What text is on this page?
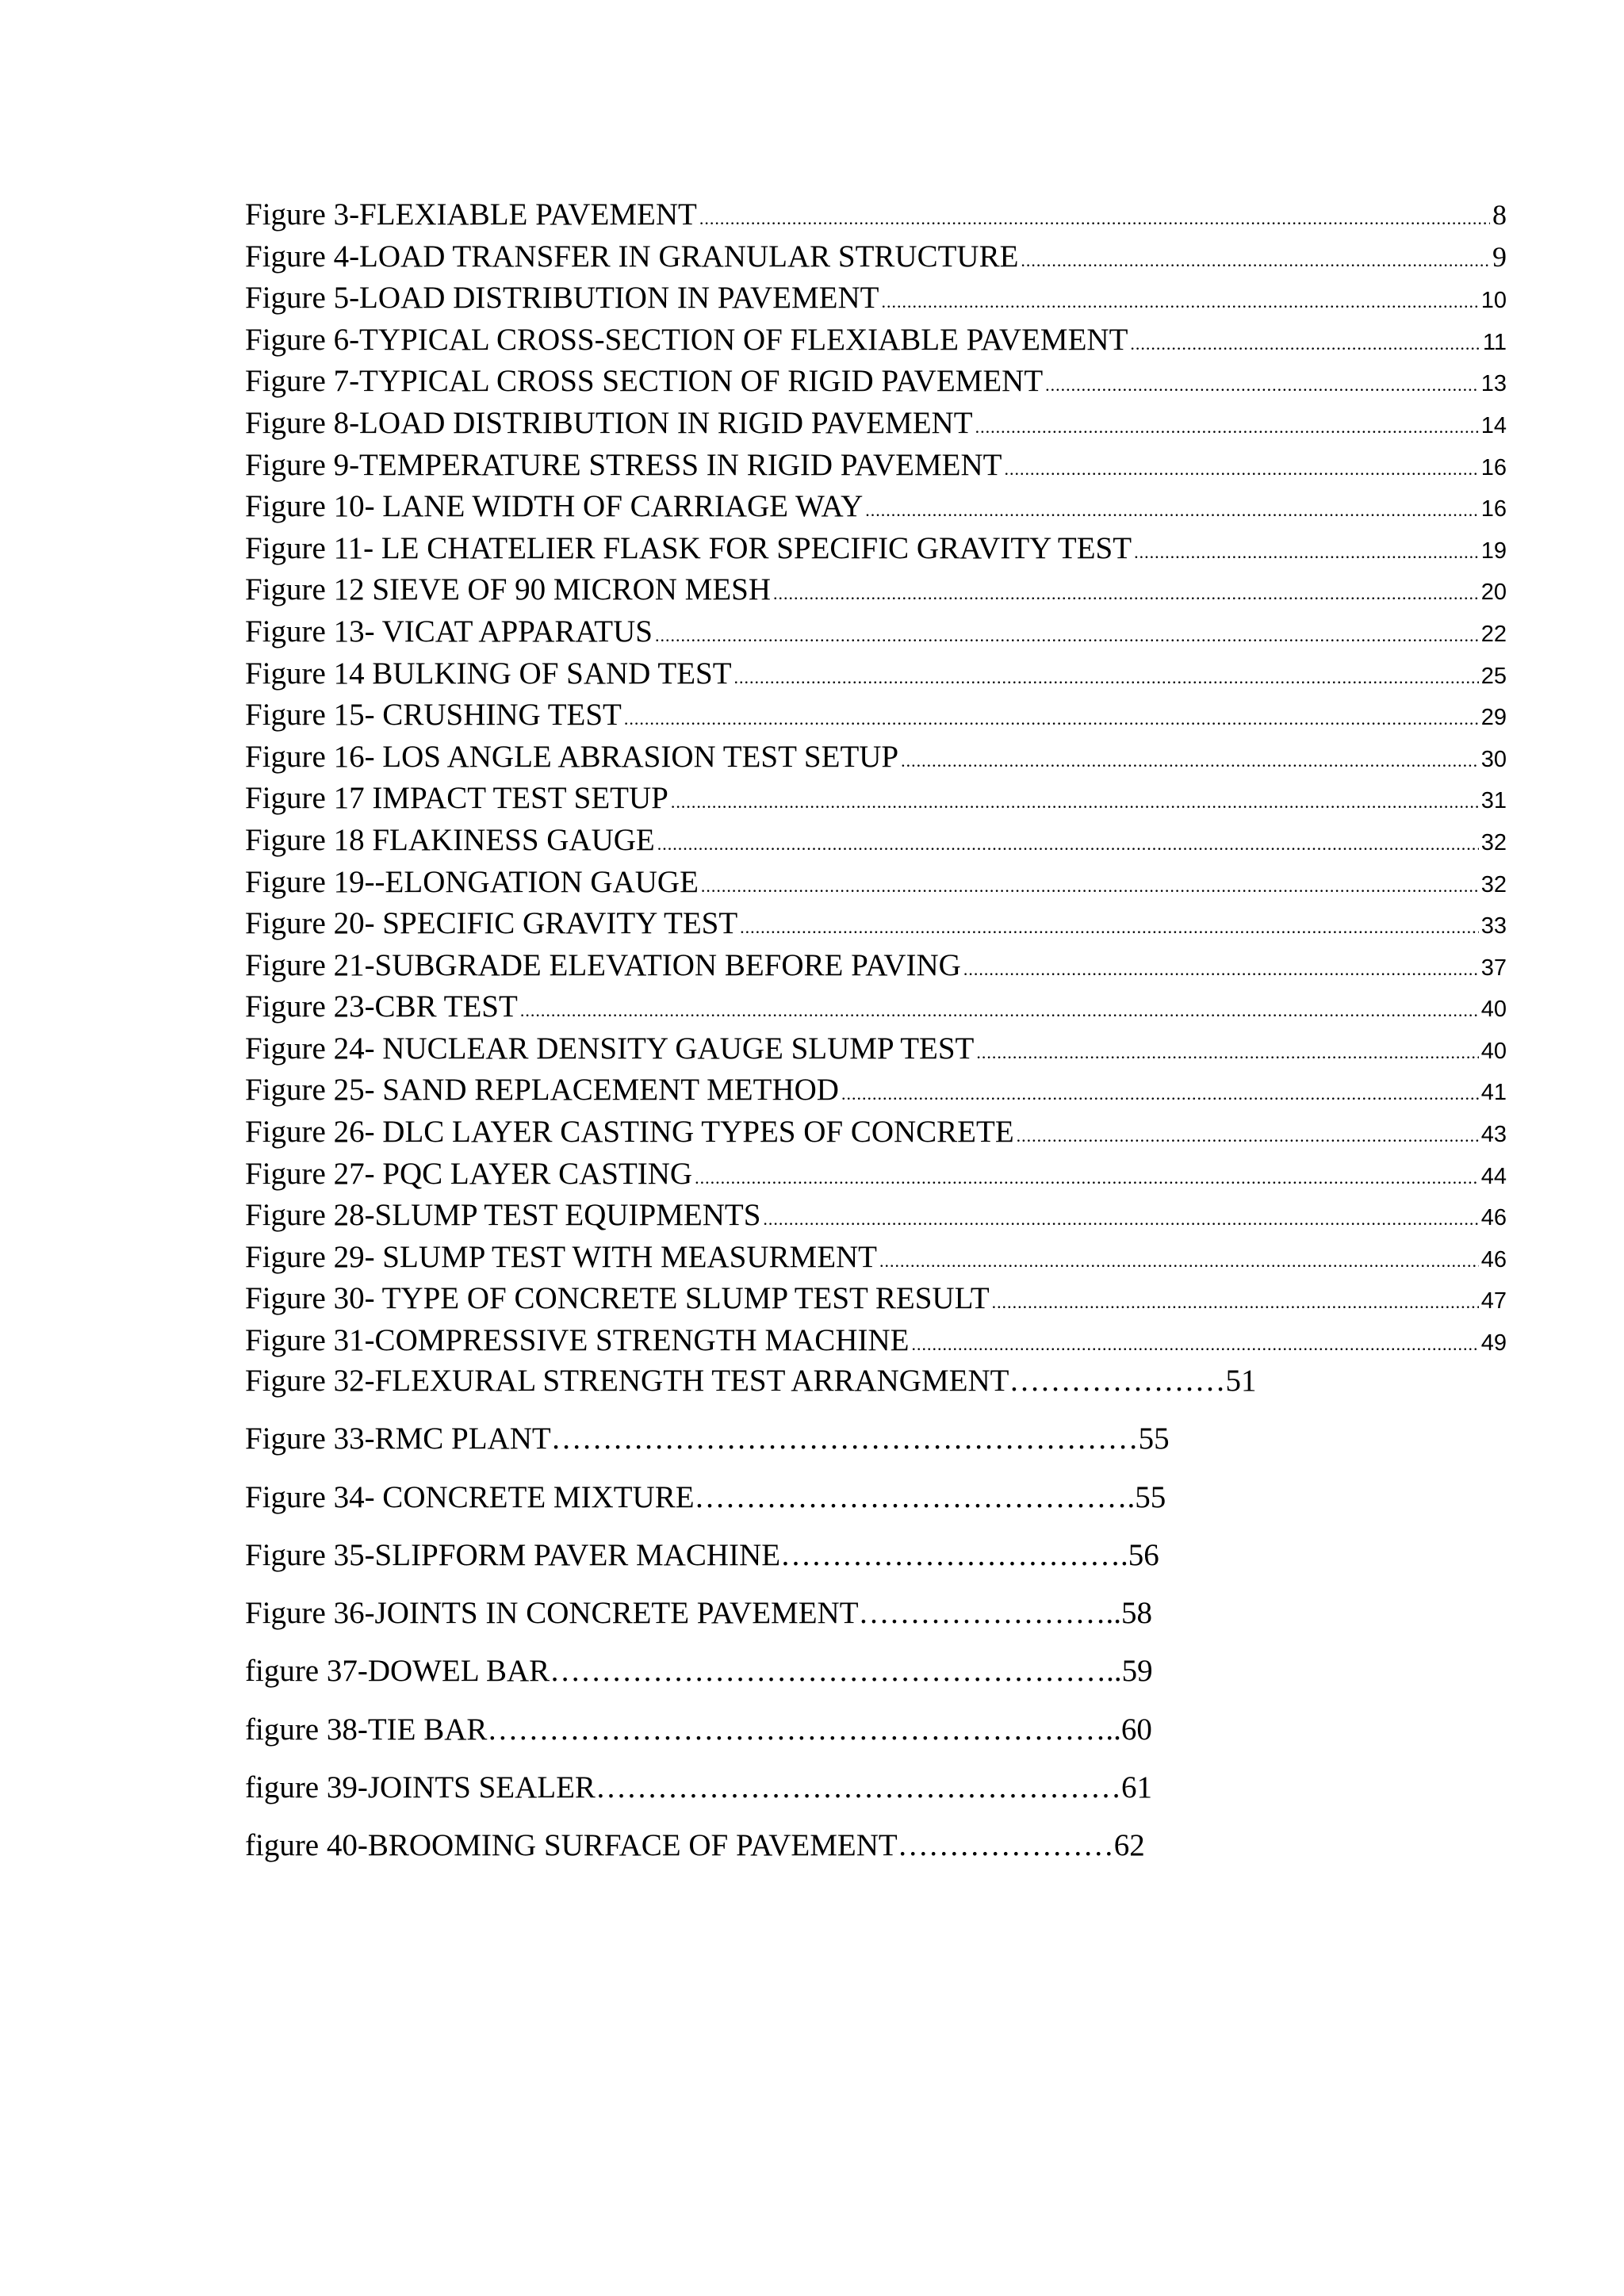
Figure 3-FLEXIABLE PAVEMENT .....	8
Figure 4-LOAD TRANSFER IN GRANULAR STRUCTURE .....	9
Figure 5-LOAD DISTRIBUTION IN PAVEMENT .....	10
Figure 6-TYPICAL CROSS-SECTION OF FLEXIABLE PAVEMENT .....	11
Figure 7-TYPICAL CROSS SECTION OF RIGID PAVEMENT .....	13
Figure 8-LOAD DISTRIBUTION IN RIGID PAVEMENT .....	14
Figure 9-TEMPERATURE STRESS IN RIGID PAVEMENT .....	16
Figure 10- LANE WIDTH OF CARRIAGE WAY .....	16
Figure 11- LE CHATELIER FLASK FOR SPECIFIC GRAVITY TEST .....	19
Figure 12 SIEVE OF 90 MICRON MESH .....	20
Figure 13- VICAT APPARATUS .....	22
Figure 14 BULKING OF SAND TEST .....	25
Figure 15- CRUSHING TEST .....	29
Figure 16- LOS ANGLE ABRASION TEST SETUP .....	30
Figure 17 IMPACT TEST SETUP .....	31
Figure 18 FLAKINESS GAUGE .....	32
Figure 19--ELONGATION GAUGE .....	32
Figure 20- SPECIFIC GRAVITY TEST .....	33
Figure 21-SUBGRADE ELEVATION BEFORE PAVING .....	37
Figure 23-CBR TEST .....	40
Figure 24- NUCLEAR DENSITY GAUGE SLUMP TEST .....	40
Figure 25- SAND REPLACEMENT METHOD .....	41
Figure 26- DLC LAYER CASTING TYPES OF CONCRETE .....	43
Figure 27- PQC LAYER CASTING .....	44
Figure 28-SLUMP TEST EQUIPMENTS .....	46
Figure 29- SLUMP TEST WITH MEASURMENT .....	46
Figure 30- TYPE OF CONCRETE SLUMP TEST RESULT .....	47
Figure 31-COMPRESSIVE STRENGTH MACHINE .....	49
Figure 32-FLEXURAL STRENGTH TEST ARRANGMENT…………………51
Figure 33-RMC PLANT…………………………………………………55
Figure 34- CONCRETE MIXTURE…………………………………….55
Figure 35-SLIPFORM PAVER MACHINE…………………………….56
Figure 36-JOINTS IN CONCRETE PAVEMENT……………………..58
figure 37-DOWEL BAR………………………………………………..59
figure 38-TIE BAR……………………………………………………..60
figure 39-JOINTS SEALER……………………………………………61
figure 40-BROOMING SURFACE OF PAVEMENT…………………62
